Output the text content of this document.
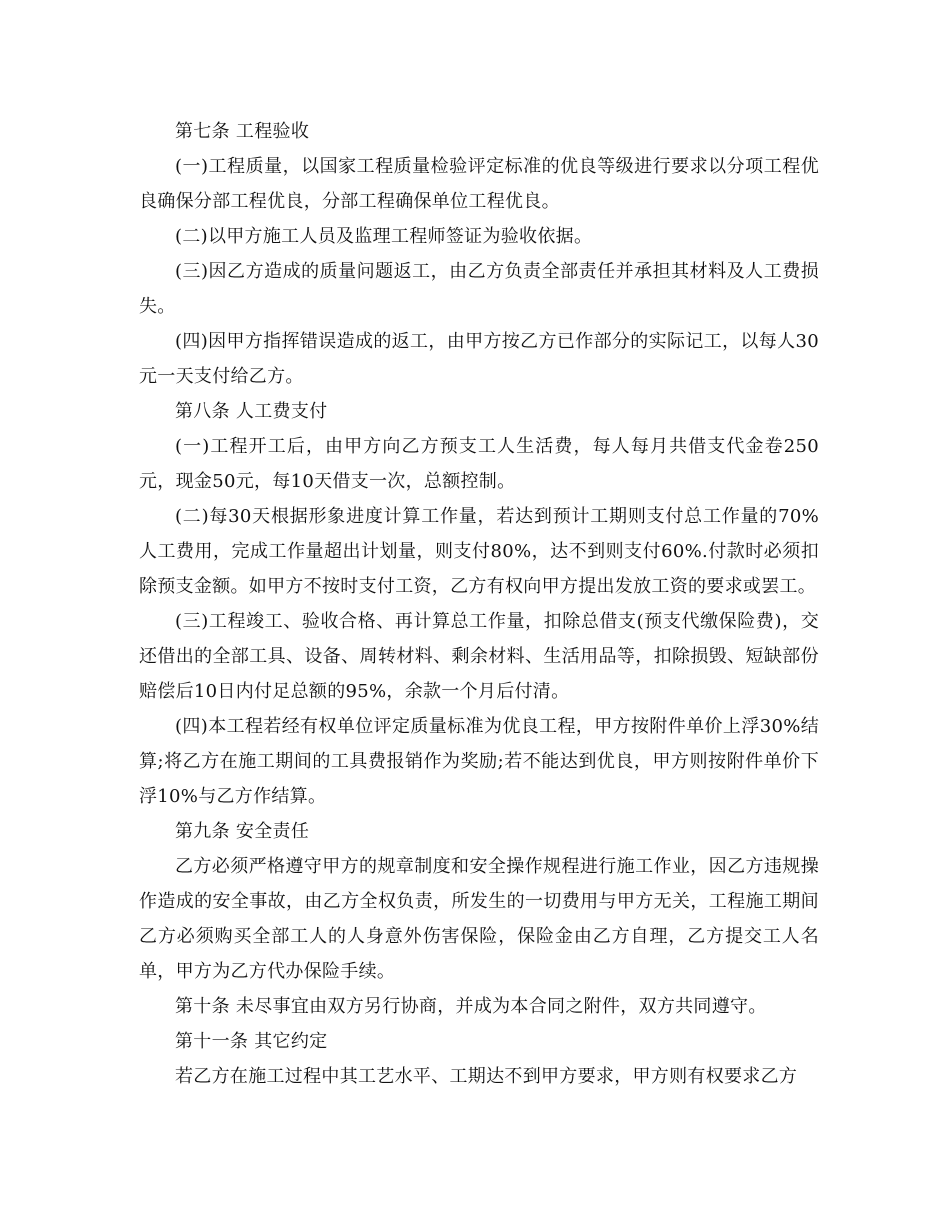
第七条 工程验收

(一)工程质量，以国家工程质量检验评定标准的优良等级进行要求以分项工程优良确保分部工程优良，分部工程确保单位工程优良。

(二)以甲方施工人员及监理工程师签证为验收依据。

(三)因乙方造成的质量问题返工，由乙方负责全部责任并承担其材料及人工费损失。

(四)因甲方指挥错误造成的返工，由甲方按乙方已作部分的实际记工，以每人30元一天支付给乙方。

第八条 人工费支付

(一)工程开工后，由甲方向乙方预支工人生活费，每人每月共借支代金卷250元，现金50元，每10天借支一次，总额控制。

(二)每30天根据形象进度计算工作量，若达到预计工期则支付总工作量的70%人工费用，完成工作量超出计划量，则支付80%，达不到则支付60%.付款时必须扣除预支金额。如甲方不按时支付工资，乙方有权向甲方提出发放工资的要求或罢工。

(三)工程竣工、验收合格、再计算总工作量，扣除总借支(预支代缴保险费)，交还借出的全部工具、设备、周转材料、剩余材料、生活用品等，扣除损毁、短缺部份赔偿后10日内付足总额的95%，余款一个月后付清。

(四)本工程若经有权单位评定质量标准为优良工程，甲方按附件单价上浮30%结算;将乙方在施工期间的工具费报销作为奖励;若不能达到优良，甲方则按附件单价下浮10%与乙方作结算。

第九条 安全责任

乙方必须严格遵守甲方的规章制度和安全操作规程进行施工作业，因乙方违规操作造成的安全事故，由乙方全权负责，所发生的一切费用与甲方无关，工程施工期间乙方必须购买全部工人的人身意外伤害保险，保险金由乙方自理，乙方提交工人名单，甲方为乙方代办保险手续。

第十条 未尽事宜由双方另行协商，并成为本合同之附件，双方共同遵守。

第十一条 其它约定

若乙方在施工过程中其工艺水平、工期达不到甲方要求，甲方则有权要求乙方
